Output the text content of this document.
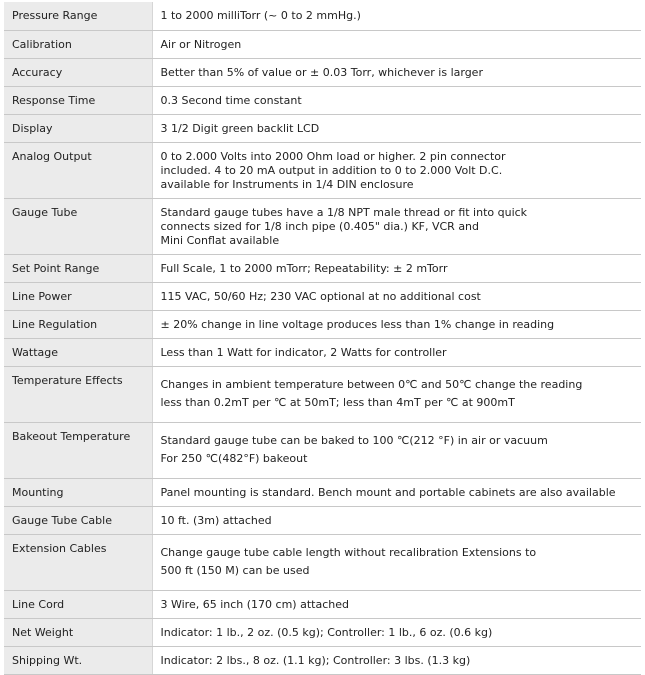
Pressure Range	1 to 2000 milliTorr (~ 0 to 2 mmHg.)

Calibration	Air or Nitrogen

Accuracy	Better than 5% of value or ± 0.03 Torr, whichever is larger

Response Time	0.3 Second time constant

Display	3 1/2 Digit green backlit LCD

Analog Output	0 to 2.000 Volts into 2000 Ohm load or higher. 2 pin connector
included. 4 to 20 mA output in addition to 0 to 2.000 Volt D.C.
available for Instruments in 1/4 DIN enclosure

Gauge Tube	Standard gauge tubes have a 1/8 NPT male thread or fit into quick
connects sized for 1/8 inch pipe (0.405" dia.) KF, VCR and
Mini Conflat available

Set Point Range	Full Scale, 1 to 2000 mTorr; Repeatability: ± 2 mTorr

Line Power	115 VAC, 50/60 Hz; 230 VAC optional at no additional cost

Line Regulation	± 20% change in line voltage produces less than 1% change in reading

Wattage	Less than 1 Watt for indicator, 2 Watts for controller

Temperature Effects	Changes in ambient temperature between 0℃ and 50℃ change the reading
less than 0.2mT per ℃ at 50mT; less than 4mT per ℃ at 900mT

Bakeout Temperature	Standard gauge tube can be baked to 100 ℃(212 °F) in air or vacuum
For 250 ℃(482°F) bakeout

Mounting	Panel mounting is standard. Bench mount and portable cabinets are also available

Gauge Tube Cable	10 ft. (3m) attached

Extension Cables	Change gauge tube cable length without recalibration Extensions to
500 ft (150 M) can be used

Line Cord	3 Wire, 65 inch (170 cm) attached

Net Weight	Indicator: 1 lb., 2 oz. (0.5 kg); Controller: 1 lb., 6 oz. (0.6 kg)

Shipping Wt.	Indicator: 2 lbs., 8 oz. (1.1 kg); Controller: 3 lbs. (1.3 kg)
